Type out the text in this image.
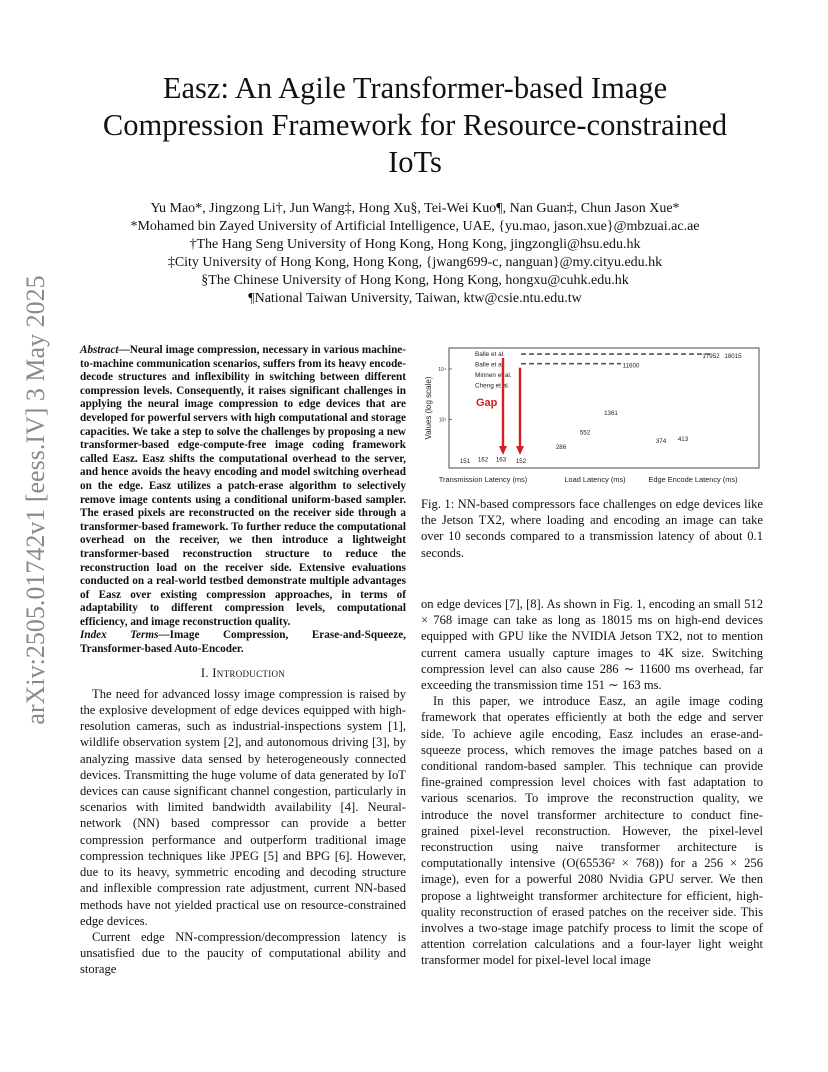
arXiv:2505.01742v1 [eess.IV] 3 May 2025
Easz: An Agile Transformer-based Image
Compression Framework for Resource-constrained
IoTs
Yu Mao*, Jingzong Li†, Jun Wang‡, Hong Xu§, Tei-Wei Kuo¶, Nan Guan‡, Chun Jason Xue*
*Mohamed bin Zayed University of Artificial Intelligence, UAE, {yu.mao, jason.xue}@mbzuai.ac.ae
†The Hang Seng University of Hong Kong, Hong Kong, jingzongli@hsu.edu.hk
‡City University of Hong Kong, Hong Kong, {jwang699-c, nanguan}@my.cityu.edu.hk
§The Chinese University of Hong Kong, Hong Kong, hongxu@cuhk.edu.hk
¶National Taiwan University, Taiwan, ktw@csie.ntu.edu.tw

Abstract—Neural image compression, necessary in various machine-to-machine communication scenarios, suffers from its heavy encode-decode structures and inflexibility in switching between different compression levels. Consequently, it raises significant challenges in applying the neural image compression to edge devices that are developed for powerful servers with high computational and storage capacities. We take a step to solve the challenges by proposing a new transformer-based edge-compute-free image coding framework called Easz. Easz shifts the computational overhead to the server, and hence avoids the heavy encoding and model switching overhead on the edge. Easz utilizes a patch-erase algorithm to selectively remove image contents using a conditional uniform-based sampler. The erased pixels are reconstructed on the receiver side through a transformer-based framework. To further reduce the computational overhead on the receiver, we then introduce a lightweight transformer-based reconstruction structure to reduce the reconstruction load on the receiver side. Extensive evaluations conducted on a real-world testbed demonstrate multiple advantages of Easz over existing compression approaches, in terms of adaptability to different compression levels, computational efficiency, and image reconstruction quality.

Index Terms—Image Compression, Erase-and-Squeeze, Transformer-based Auto-Encoder.

I. Introduction

The need for advanced lossy image compression is raised by the explosive development of edge devices equipped with high-resolution cameras, such as industrial-inspections system [1], wildlife observation system [2], and autonomous driving [3], by analyzing massive data sensed by heterogeneously connected devices. Transmitting the huge volume of data generated by IoT devices can cause significant channel congestion, particularly in scenarios with limited bandwidth availability [4]. Neural-network (NN) based compressor can provide a better compression performance and outperform traditional image compression techniques like JPEG [5] and BPG [6]. However, due to its heavy, symmetric encoding and decoding structure and inflexible compression rate adjustment, current NN-based methods have not yielded practical use on resource-constrained edge devices.

Current edge NN-compression/decompression latency is unsatisfied due to the paucity of computational ability and storage

Values (log scale)
10⁴
10³
151 162 163 152
286
552
1361
11600
374 413
17952 18015
Balle et al.
Balle et al.
Minnen et al.
Cheng et al.
Gap
Transmission Latency (ms)	Load Latency (ms)	Edge Encode Latency (ms)

Fig. 1: NN-based compressors face challenges on edge devices like the Jetson TX2, where loading and encoding an image can take over 10 seconds compared to a transmission latency of about 0.1 seconds.

on edge devices [7], [8]. As shown in Fig. 1, encoding an small 512 × 768 image can take as long as 18015 ms on high-end devices equipped with GPU like the NVIDIA Jetson TX2, not to mention current camera usually capture images to 4K size. Switching compression level can also cause 286 ∼ 11600 ms overhead, far exceeding the transmission time 151 ∼ 163 ms.

In this paper, we introduce Easz, an agile image coding framework that operates efficiently at both the edge and server side. To achieve agile encoding, Easz includes an erase-and-squeeze process, which removes the image patches based on a conditional random-based sampler. This technique can provide fine-grained compression level choices with fast adaptation to various scenarios. To improve the reconstruction quality, we introduce the novel transformer architecture to conduct fine-grained pixel-level reconstruction. However, the pixel-level reconstruction using naive transformer architecture is computationally intensive (O(65536² × 768)) for a 256 × 256 image), even for a powerful 2080 Nvidia GPU server. We then propose a lightweight transformer architecture for efficient, high-quality reconstruction of erased patches on the receiver side. This involves a two-stage image patchify process to limit the scope of attention correlation calculations and a four-layer light weight transformer model for pixel-level local image
